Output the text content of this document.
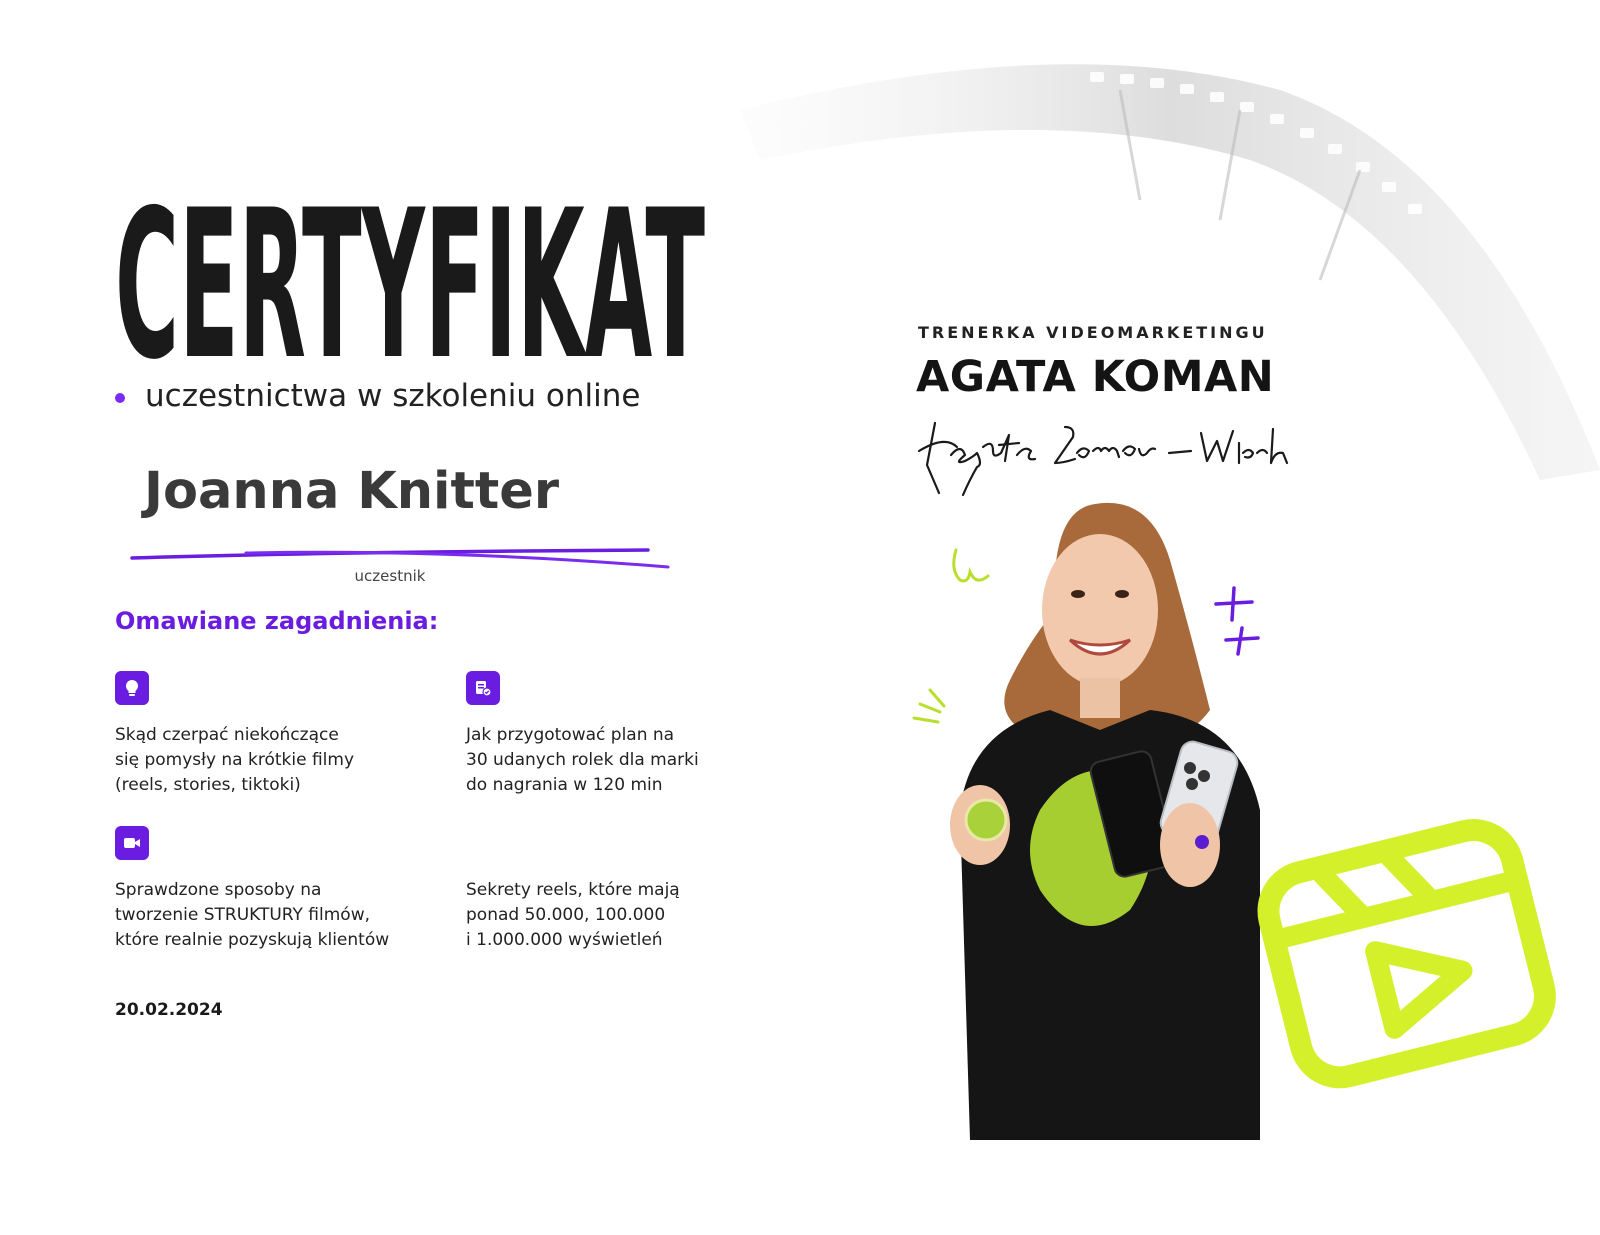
CERTYFIKAT
uczestnictwa w szkoleniu online
Joanna Knitter
uczestnik
Omawiane zagadnienia:
Skąd czerpać niekończące
się pomysły na krótkie filmy
(reels, stories, tiktoki)
Jak przygotować plan na
30 udanych rolek dla marki
do nagrania w 120 min
Sprawdzone sposoby na
tworzenie STRUKTURY filmów,
które realnie pozyskują klientów
Sekrety reels, które mają
ponad 50.000, 100.000
i 1.000.000 wyświetleń
20.02.2024
TRENERKA VIDEOMARKETINGU
AGATA KOMAN
